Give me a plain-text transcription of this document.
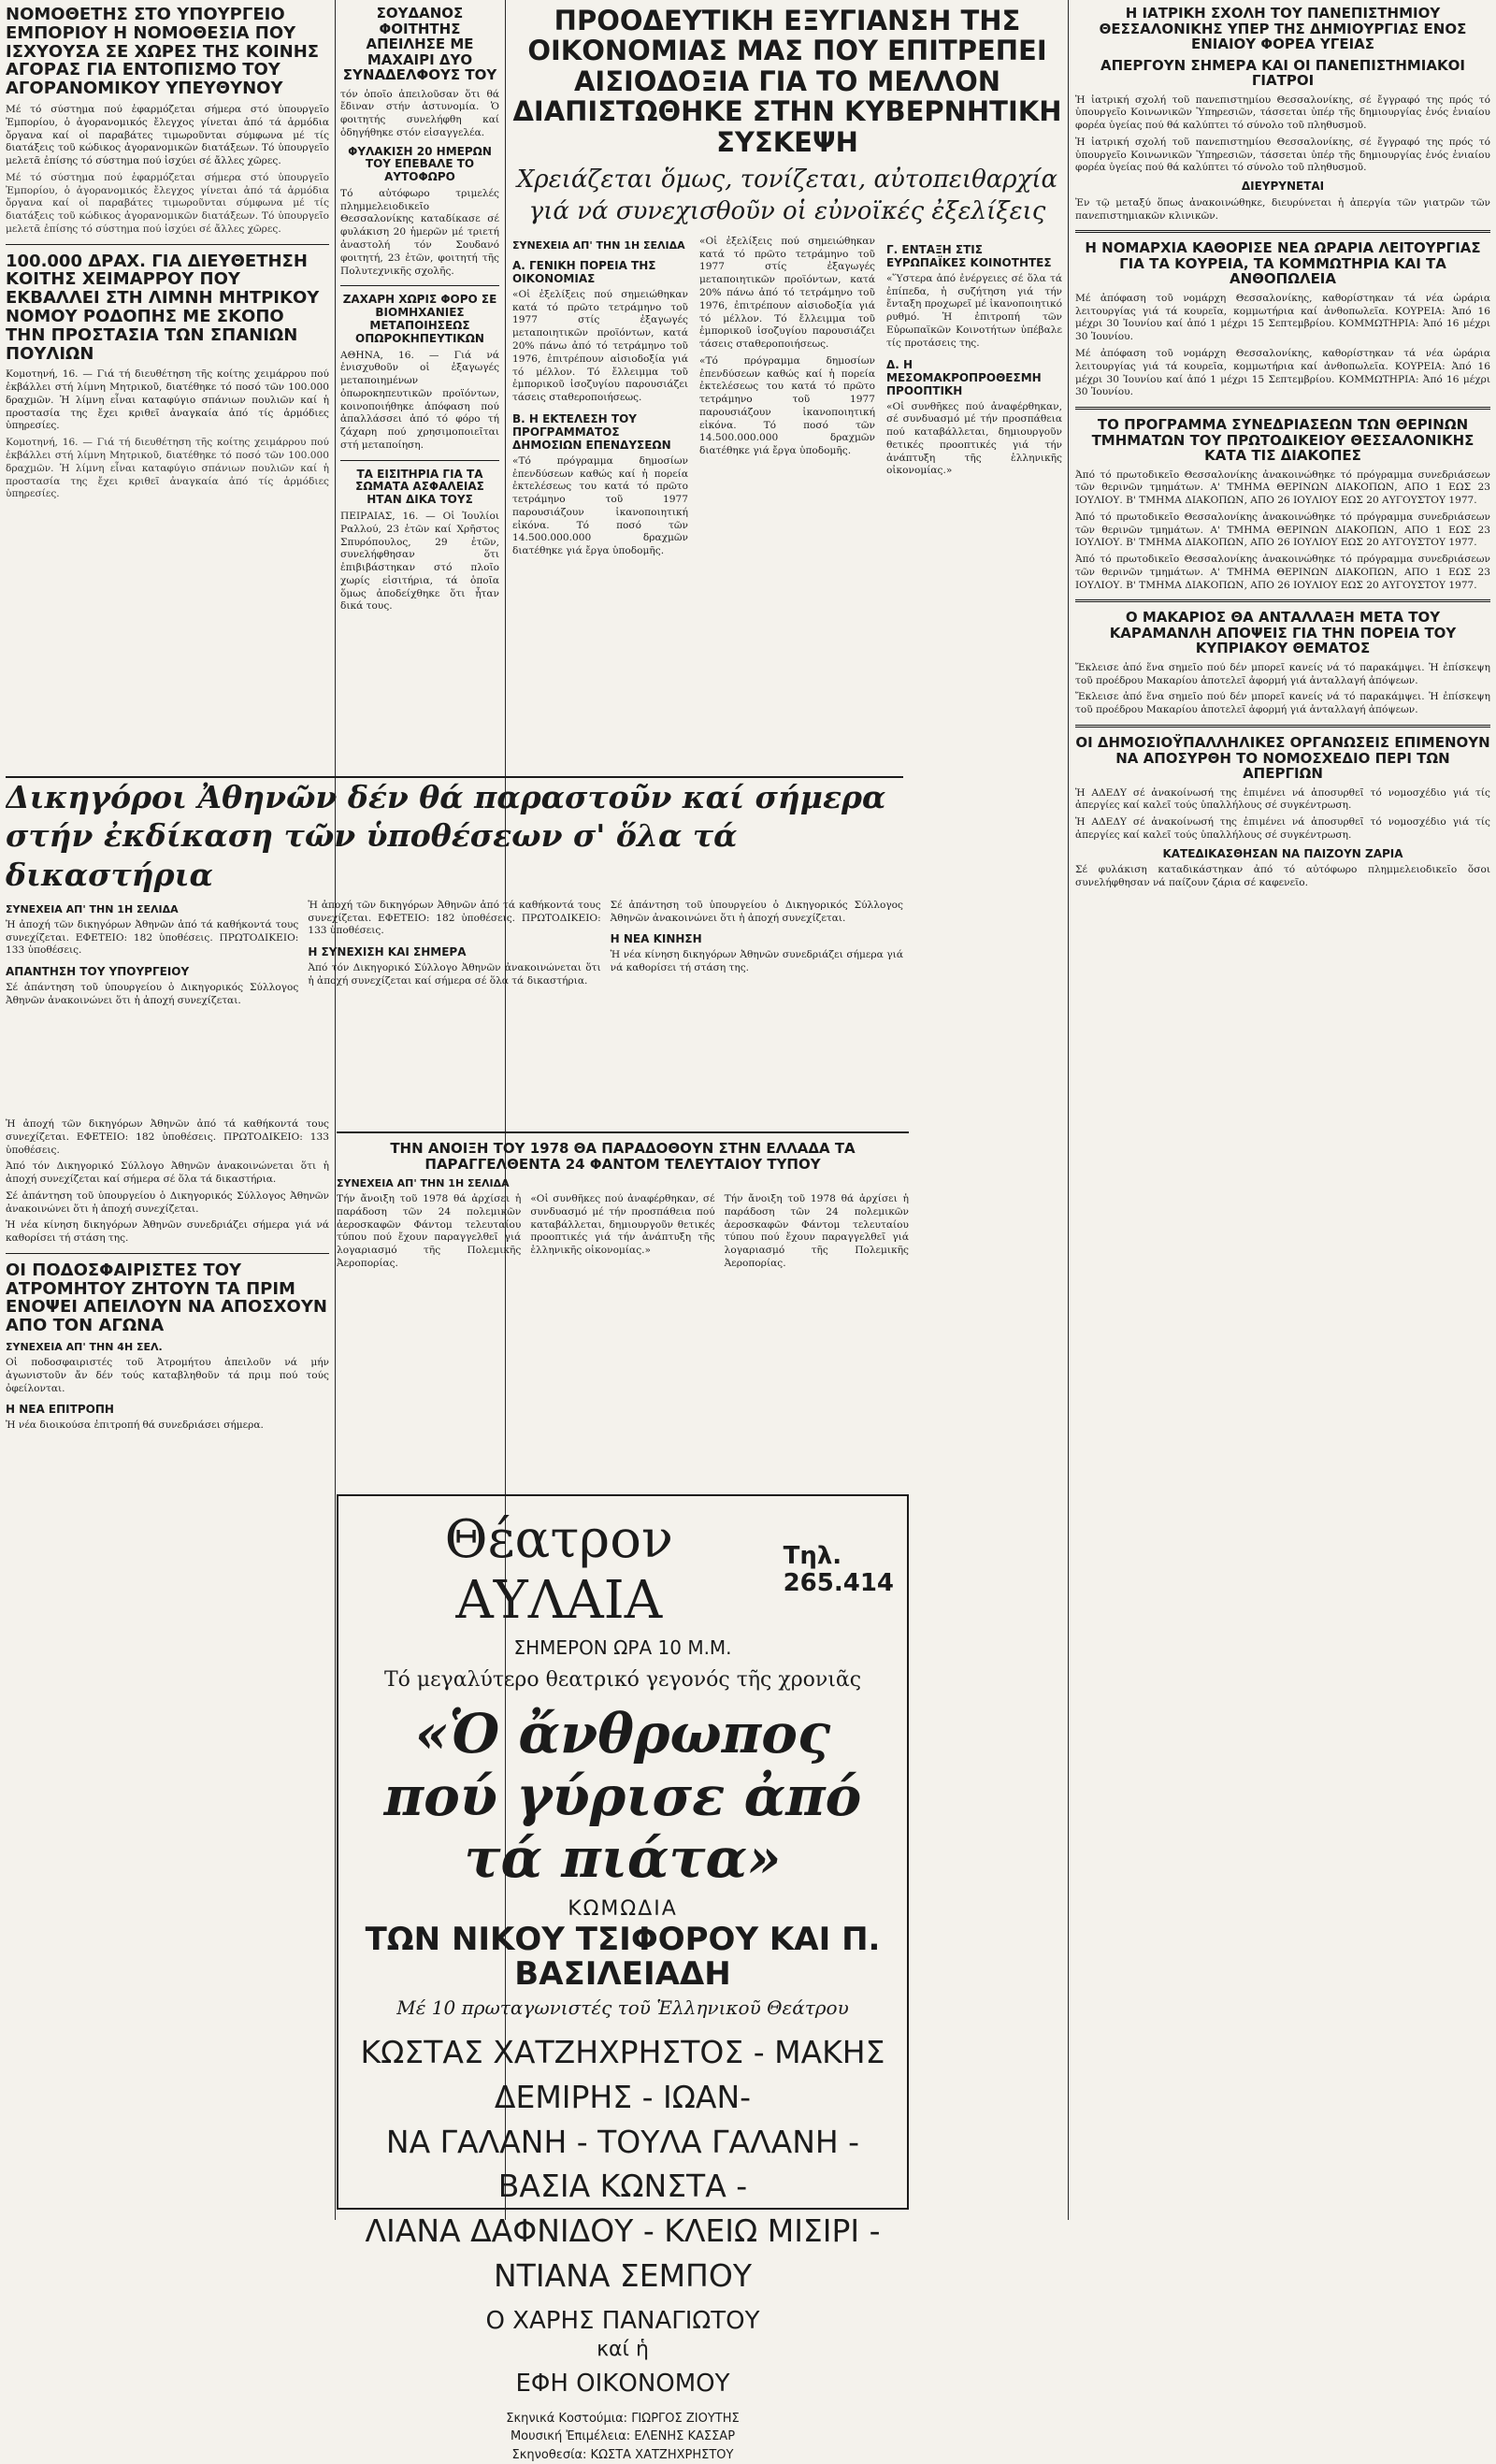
ΝΟΜΟΘΕΤΗΣ ΣΤΟ ΥΠΟΥΡΓΕΙΟ ΕΜΠΟΡΙΟΥ Η ΝΟΜΟΘΕΣΙΑ ΠΟΥ ΙΣΧΥΟΥΣΑ ΣΕ ΧΩΡΕΣ ΤΗΣ ΚΟΙΝΗΣ ΑΓΟΡΑΣ ΓΙΑ ΕΝΤΟΠΙΣΜΟ ΤΟΥ ΑΓΟΡΑΝΟΜΙΚΟΥ ΥΠΕΥΘΥΝΟΥ

Μέ τό σύστημα πού ἐφαρμόζεται σήμερα στό ὑπουργεῖο Ἐμπορίου, ὁ ἀγορανομικός ἔλεγχος γίνεται ἀπό τά ἁρμόδια ὄργανα καί οἱ παραβάτες τιμωροῦνται σύμφωνα μέ τίς διατάξεις τοῦ κώδικος ἀγορανομικῶν διατάξεων. Τό ὑπουργεῖο μελετᾶ ἐπίσης τό σύστημα πού ἰσχύει σέ ἄλλες χῶρες.

Μέ τό σύστημα πού ἐφαρμόζεται σήμερα στό ὑπουργεῖο Ἐμπορίου, ὁ ἀγορανομικός ἔλεγχος γίνεται ἀπό τά ἁρμόδια ὄργανα καί οἱ παραβάτες τιμωροῦνται σύμφωνα μέ τίς διατάξεις τοῦ κώδικος ἀγορανομικῶν διατάξεων. Τό ὑπουργεῖο μελετᾶ ἐπίσης τό σύστημα πού ἰσχύει σέ ἄλλες χῶρες.

100.000 ΔΡΑΧ. ΓΙΑ ΔΙΕΥΘΕΤΗΣΗ ΚΟΙΤΗΣ ΧΕΙΜΑΡΡΟΥ ΠΟΥ ΕΚΒΑΛΛΕΙ ΣΤΗ ΛΙΜΝΗ ΜΗΤΡΙΚΟΥ ΝΟΜΟΥ ΡΟΔΟΠΗΣ ΜΕ ΣΚΟΠΟ ΤΗΝ ΠΡΟΣΤΑΣΙΑ ΤΩΝ ΣΠΑΝΙΩΝ ΠΟΥΛΙΩΝ

Κομοτηνή, 16. — Γιά τή διευθέτηση τῆς κοίτης χειμάρρου πού ἐκβάλλει στή λίμνη Μητρικοῦ, διατέθηκε τό ποσό τῶν 100.000 δραχμῶν. Ἡ λίμνη εἶναι καταφύγιο σπάνιων πουλιῶν καί ἡ προστασία της ἔχει κριθεῖ ἀναγκαία ἀπό τίς ἁρμόδιες ὑπηρεσίες.

Κομοτηνή, 16. — Γιά τή διευθέτηση τῆς κοίτης χειμάρρου πού ἐκβάλλει στή λίμνη Μητρικοῦ, διατέθηκε τό ποσό τῶν 100.000 δραχμῶν. Ἡ λίμνη εἶναι καταφύγιο σπάνιων πουλιῶν καί ἡ προστασία της ἔχει κριθεῖ ἀναγκαία ἀπό τίς ἁρμόδιες ὑπηρεσίες.

ΣΟΥΔΑΝΟΣ ΦΟΙΤΗΤΗΣ ΑΠΕΙΛΗΣΕ ΜΕ ΜΑΧΑΙΡΙ ΔΥΟ ΣΥΝΑΔΕΛΦΟΥΣ ΤΟΥ

τόν ὁποῖο ἀπειλοῦσαν ὅτι θά ἔδιναν στήν ἀστυνομία. Ὁ φοιτητής συνελήφθη καί ὁδηγήθηκε στόν εἰσαγγελέα.

ΦΥΛΑΚΙΣΗ 20 ΗΜΕΡΩΝ ΤΟΥ ΕΠΕΒΑΛΕ ΤΟ ΑΥΤΟΦΩΡΟ

Τό αὐτόφωρο τριμελές πλημμελειοδικεῖο Θεσσαλονίκης καταδίκασε σέ φυλάκιση 20 ἡμερῶν μέ τριετή ἀναστολή τόν Σουδανό φοιτητή, 23 ἐτῶν, φοιτητή τῆς Πολυτεχνικῆς σχολῆς.

ΖΑΧΑΡΗ ΧΩΡΙΣ ΦΟΡΟ ΣΕ ΒΙΟΜΗΧΑΝΙΕΣ ΜΕΤΑΠΟΙΗΣΕΩΣ ΟΠΩΡΟΚΗΠΕΥΤΙΚΩΝ

ΑΘΗΝΑ, 16. — Γιά νά ἐνισχυθοῦν οἱ ἐξαγωγές μεταποιημένων ὀπωροκηπευτικῶν προϊόντων, κοινοποιήθηκε ἀπόφαση πού ἀπαλλάσσει ἀπό τό φόρο τή ζάχαρη πού χρησιμοποιεῖται στή μεταποίηση.

ΤΑ ΕΙΣΙΤΗΡΙΑ ΓΙΑ ΤΑ ΣΩΜΑΤΑ ΑΣΦΑΛΕΙΑΣ ΗΤΑΝ ΔΙΚΑ ΤΟΥΣ

ΠΕΙΡΑΙΑΣ, 16. — Οἱ Ἰουλίοι Ραλλού, 23 ἐτῶν καί Χρῆστος Σπυρόπουλος, 29 ἐτῶν, συνελήφθησαν ὅτι ἐπιβιβάστηκαν στό πλοῖο χωρίς εἰσιτήρια, τά ὁποῖα ὅμως ἀποδείχθηκε ὅτι ἦταν δικά τους.

ΠΡΟΟΔΕΥΤΙΚΗ ΕΞΥΓΙΑΝΣΗ ΤΗΣ ΟΙΚΟΝΟΜΙΑΣ ΜΑΣ ΠΟΥ ΕΠΙΤΡΕΠΕΙ ΑΙΣΙΟΔΟΞΙΑ ΓΙΑ ΤΟ ΜΕΛΛΟΝ ΔΙΑΠΙΣΤΩΘΗΚΕ ΣΤΗΝ ΚΥΒΕΡΝΗΤΙΚΗ ΣΥΣΚΕΨΗ

Χρειάζεται ὅμως, τονίζεται, αὐτοπειθαρχία γιά νά συνεχισθοῦν οἱ εὐνοϊκές ἐξελίξεις

ΣΥΝΕΧΕΙΑ ΑΠ' ΤΗΝ 1Η ΣΕΛΙΔΑ

Α. ΓΕΝΙΚΗ ΠΟΡΕΙΑ ΤΗΣ ΟΙΚΟΝΟΜΙΑΣ

«Οἱ ἐξελίξεις πού σημειώθηκαν κατά τό πρῶτο τετράμηνο τοῦ 1977 στίς ἐξαγωγές μεταποιητικῶν προϊόντων, κατά 20% πάνω ἀπό τό τετράμηνο τοῦ 1976, ἐπιτρέπουν αἰσιοδοξία γιά τό μέλλον. Τό ἔλλειμμα τοῦ ἐμπορικοῦ ἰσοζυγίου παρουσιάζει τάσεις σταθεροποιήσεως.

Β. Η ΕΚΤΕΛΕΣΗ ΤΟΥ ΠΡΟΓΡΑΜΜΑΤΟΣ ΔΗΜΟΣΙΩΝ ΕΠΕΝΔΥΣΕΩΝ

«Τό πρόγραμμα δημοσίων ἐπενδύσεων καθώς καί ἡ πορεία ἐκτελέσεως του κατά τό πρῶτο τετράμηνο τοῦ 1977 παρουσιάζουν ἱκανοποιητική εἰκόνα. Τό ποσό τῶν 14.500.000.000 δραχμῶν διατέθηκε γιά ἔργα ὑποδομῆς.

«Οἱ ἐξελίξεις πού σημειώθηκαν κατά τό πρῶτο τετράμηνο τοῦ 1977 στίς ἐξαγωγές μεταποιητικῶν προϊόντων, κατά 20% πάνω ἀπό τό τετράμηνο τοῦ 1976, ἐπιτρέπουν αἰσιοδοξία γιά τό μέλλον. Τό ἔλλειμμα τοῦ ἐμπορικοῦ ἰσοζυγίου παρουσιάζει τάσεις σταθεροποιήσεως.

«Τό πρόγραμμα δημοσίων ἐπενδύσεων καθώς καί ἡ πορεία ἐκτελέσεως του κατά τό πρῶτο τετράμηνο τοῦ 1977 παρουσιάζουν ἱκανοποιητική εἰκόνα. Τό ποσό τῶν 14.500.000.000 δραχμῶν διατέθηκε γιά ἔργα ὑποδομῆς.

Γ. ΕΝΤΑΞΗ ΣΤΙΣ ΕΥΡΩΠΑΪΚΕΣ ΚΟΙΝΟΤΗΤΕΣ

«Ὕστερα ἀπό ἐνέργειες σέ ὅλα τά ἐπίπεδα, ἡ συζήτηση γιά τήν ἔνταξη προχωρεῖ μέ ἱκανοποιητικό ρυθμό. Ἡ ἐπιτροπή τῶν Εὐρωπαϊκῶν Κοινοτήτων ὑπέβαλε τίς προτάσεις της.

Δ. Η ΜΕΣΟΜΑΚΡΟΠΡΟΘΕΣΜΗ ΠΡΟΟΠΤΙΚΗ

«Οἱ συνθῆκες πού ἀναφέρθηκαν, σέ συνδυασμό μέ τήν προσπάθεια πού καταβάλλεται, δημιουργοῦν θετικές προοπτικές γιά τήν ἀνάπτυξη τῆς ἑλληνικῆς οἰκονομίας.»

ΤΗΝ ΑΝΟΙΞΗ ΤΟΥ 1978 ΘΑ ΠΑΡΑΔΟΘΟΥΝ ΣΤΗΝ ΕΛΛΑΔΑ ΤΑ ΠΑΡΑΓΓΕΛΘΕΝΤΑ 24 ΦΑΝΤΟΜ ΤΕΛΕΥΤΑΙΟΥ ΤΥΠΟΥ

ΣΥΝΕΧΕΙΑ ΑΠ' ΤΗΝ 1Η ΣΕΛΙΔΑ

Τήν ἄνοιξη τοῦ 1978 θά ἀρχίσει ἡ παράδοση τῶν 24 πολεμικῶν ἀεροσκαφῶν Φάντομ τελευταίου τύπου πού ἔχουν παραγγελθεῖ γιά λογαριασμό τῆς Πολεμικῆς Ἀεροπορίας.

«Οἱ συνθῆκες πού ἀναφέρθηκαν, σέ συνδυασμό μέ τήν προσπάθεια πού καταβάλλεται, δημιουργοῦν θετικές προοπτικές γιά τήν ἀνάπτυξη τῆς ἑλληνικῆς οἰκονομίας.»

Τήν ἄνοιξη τοῦ 1978 θά ἀρχίσει ἡ παράδοση τῶν 24 πολεμικῶν ἀεροσκαφῶν Φάντομ τελευταίου τύπου πού ἔχουν παραγγελθεῖ γιά λογαριασμό τῆς Πολεμικῆς Ἀεροπορίας.

Δικηγόροι Ἀθηνῶν δέν θά παραστοῦν καί σήμερα στήν ἐκδίκαση τῶν ὑποθέσεων σ' ὅλα τά δικαστήρια

ΣΥΝΕΧΕΙΑ ΑΠ' ΤΗΝ 1Η ΣΕΛΙΔΑ

Ἡ ἀποχή τῶν δικηγόρων Ἀθηνῶν ἀπό τά καθήκοντά τους συνεχίζεται. ΕΦΕΤΕΙΟ: 182 ὑποθέσεις. ΠΡΩΤΟΔΙΚΕΙΟ: 133 ὑποθέσεις.

ΑΠΑΝΤΗΣΗ ΤΟΥ ΥΠΟΥΡΓΕΙΟΥ

Σέ ἀπάντηση τοῦ ὑπουργείου ὁ Δικηγορικός Σύλλογος Ἀθηνῶν ἀνακοινώνει ὅτι ἡ ἀποχή συνεχίζεται.

Ἡ ἀποχή τῶν δικηγόρων Ἀθηνῶν ἀπό τά καθήκοντά τους συνεχίζεται. ΕΦΕΤΕΙΟ: 182 ὑποθέσεις. ΠΡΩΤΟΔΙΚΕΙΟ: 133 ὑποθέσεις.

Η ΣΥΝΕΧΙΣΗ ΚΑΙ ΣΗΜΕΡΑ

Ἀπό τόν Δικηγορικό Σύλλογο Ἀθηνῶν ἀνακοινώνεται ὅτι ἡ ἀποχή συνεχίζεται καί σήμερα σέ ὅλα τά δικαστήρια.

Σέ ἀπάντηση τοῦ ὑπουργείου ὁ Δικηγορικός Σύλλογος Ἀθηνῶν ἀνακοινώνει ὅτι ἡ ἀποχή συνεχίζεται.

Η ΝΕΑ ΚΙΝΗΣΗ

Ἡ νέα κίνηση δικηγόρων Ἀθηνῶν συνεδριάζει σήμερα γιά νά καθορίσει τή στάση της.

Ἡ ἀποχή τῶν δικηγόρων Ἀθηνῶν ἀπό τά καθήκοντά τους συνεχίζεται. ΕΦΕΤΕΙΟ: 182 ὑποθέσεις. ΠΡΩΤΟΔΙΚΕΙΟ: 133 ὑποθέσεις.

Ἀπό τόν Δικηγορικό Σύλλογο Ἀθηνῶν ἀνακοινώνεται ὅτι ἡ ἀποχή συνεχίζεται καί σήμερα σέ ὅλα τά δικαστήρια.

Σέ ἀπάντηση τοῦ ὑπουργείου ὁ Δικηγορικός Σύλλογος Ἀθηνῶν ἀνακοινώνει ὅτι ἡ ἀποχή συνεχίζεται.

Ἡ νέα κίνηση δικηγόρων Ἀθηνῶν συνεδριάζει σήμερα γιά νά καθορίσει τή στάση της.

ΟΙ ΠΟΔΟΣΦΑΙΡΙΣΤΕΣ ΤΟΥ ΑΤΡΟΜΗΤΟΥ ΖΗΤΟΥΝ ΤΑ ΠΡΙΜ ΕΝΟΨΕΙ ΑΠΕΙΛΟΥΝ ΝΑ ΑΠΟΣΧΟΥΝ ΑΠΟ ΤΟΝ ΑΓΩΝΑ

ΣΥΝΕΧΕΙΑ ΑΠ' ΤΗΝ 4Η ΣΕΛ.

Οἱ ποδοσφαιριστές τοῦ Ἀτρομήτου ἀπειλοῦν νά μήν ἀγωνιστοῦν ἄν δέν τούς καταβληθοῦν τά πριμ πού τούς ὀφείλονται.

Η ΝΕΑ ΕΠΙΤΡΟΠΗ

Ἡ νέα διοικούσα ἐπιτροπή θά συνεδριάσει σήμερα.

Η ΙΑΤΡΙΚΗ ΣΧΟΛΗ ΤΟΥ ΠΑΝΕΠΙΣΤΗΜΙΟΥ ΘΕΣΣΑΛΟΝΙΚΗΣ ΥΠΕΡ ΤΗΣ ΔΗΜΙΟΥΡΓΙΑΣ ΕΝΟΣ ΕΝΙΑΙΟΥ ΦΟΡΕΑ ΥΓΕΙΑΣ

ΑΠΕΡΓΟΥΝ ΣΗΜΕΡΑ ΚΑΙ ΟΙ ΠΑΝΕΠΙΣΤΗΜΙΑΚΟΙ ΓΙΑΤΡΟΙ

Ἡ ἰατρική σχολή τοῦ πανεπιστημίου Θεσσαλονίκης, σέ ἔγγραφό της πρός τό ὑπουργεῖο Κοινωνικῶν Ὑπηρεσιῶν, τάσσεται ὑπέρ τῆς δημιουργίας ἑνός ἑνιαίου φορέα ὑγείας πού θά καλύπτει τό σύνολο τοῦ πληθυσμοῦ.

Ἡ ἰατρική σχολή τοῦ πανεπιστημίου Θεσσαλονίκης, σέ ἔγγραφό της πρός τό ὑπουργεῖο Κοινωνικῶν Ὑπηρεσιῶν, τάσσεται ὑπέρ τῆς δημιουργίας ἑνός ἑνιαίου φορέα ὑγείας πού θά καλύπτει τό σύνολο τοῦ πληθυσμοῦ.

ΔΙΕΥΡΥΝΕΤΑΙ

Ἐν τῷ μεταξύ ὅπως ἀνακοινώθηκε, διευρύνεται ἡ ἀπεργία τῶν γιατρῶν τῶν πανεπιστημιακῶν κλινικῶν.

Η ΝΟΜΑΡΧΙΑ ΚΑΘΟΡΙΣΕ ΝΕΑ ΩΡΑΡΙΑ ΛΕΙΤΟΥΡΓΙΑΣ ΓΙΑ ΤΑ ΚΟΥΡΕΙΑ, ΤΑ ΚΟΜΜΩΤΗΡΙΑ ΚΑΙ ΤΑ ΑΝΘΟΠΩΛΕΙΑ

Μέ ἀπόφαση τοῦ νομάρχη Θεσσαλονίκης, καθορίστηκαν τά νέα ὡράρια λειτουργίας γιά τά κουρεῖα, κομμωτήρια καί ἀνθοπωλεῖα. ΚΟΥΡΕΙΑ: Ἀπό 16 μέχρι 30 Ἰουνίου καί ἀπό 1 μέχρι 15 Σεπτεμβρίου. ΚΟΜΜΩΤΗΡΙΑ: Ἀπό 16 μέχρι 30 Ἰουνίου.

Μέ ἀπόφαση τοῦ νομάρχη Θεσσαλονίκης, καθορίστηκαν τά νέα ὡράρια λειτουργίας γιά τά κουρεῖα, κομμωτήρια καί ἀνθοπωλεῖα. ΚΟΥΡΕΙΑ: Ἀπό 16 μέχρι 30 Ἰουνίου καί ἀπό 1 μέχρι 15 Σεπτεμβρίου. ΚΟΜΜΩΤΗΡΙΑ: Ἀπό 16 μέχρι 30 Ἰουνίου.

ΤΟ ΠΡΟΓΡΑΜΜΑ ΣΥΝΕΔΡΙΑΣΕΩΝ ΤΩΝ ΘΕΡΙΝΩΝ ΤΜΗΜΑΤΩΝ ΤΟΥ ΠΡΩΤΟΔΙΚΕΙΟΥ ΘΕΣΣΑΛΟΝΙΚΗΣ ΚΑΤΑ ΤΙΣ ΔΙΑΚΟΠΕΣ

Ἀπό τό πρωτοδικεῖο Θεσσαλονίκης ἀνακοινώθηκε τό πρόγραμμα συνεδριάσεων τῶν θερινῶν τμημάτων. Α' ΤΜΗΜΑ ΘΕΡΙΝΩΝ ΔΙΑΚΟΠΩΝ, ΑΠΟ 1 ΕΩΣ 23 ΙΟΥΛΙΟΥ. Β' ΤΜΗΜΑ ΔΙΑΚΟΠΩΝ, ΑΠΟ 26 ΙΟΥΛΙΟΥ ΕΩΣ 20 ΑΥΓΟΥΣΤΟΥ 1977.

Ἀπό τό πρωτοδικεῖο Θεσσαλονίκης ἀνακοινώθηκε τό πρόγραμμα συνεδριάσεων τῶν θερινῶν τμημάτων. Α' ΤΜΗΜΑ ΘΕΡΙΝΩΝ ΔΙΑΚΟΠΩΝ, ΑΠΟ 1 ΕΩΣ 23 ΙΟΥΛΙΟΥ. Β' ΤΜΗΜΑ ΔΙΑΚΟΠΩΝ, ΑΠΟ 26 ΙΟΥΛΙΟΥ ΕΩΣ 20 ΑΥΓΟΥΣΤΟΥ 1977.

Ἀπό τό πρωτοδικεῖο Θεσσαλονίκης ἀνακοινώθηκε τό πρόγραμμα συνεδριάσεων τῶν θερινῶν τμημάτων. Α' ΤΜΗΜΑ ΘΕΡΙΝΩΝ ΔΙΑΚΟΠΩΝ, ΑΠΟ 1 ΕΩΣ 23 ΙΟΥΛΙΟΥ. Β' ΤΜΗΜΑ ΔΙΑΚΟΠΩΝ, ΑΠΟ 26 ΙΟΥΛΙΟΥ ΕΩΣ 20 ΑΥΓΟΥΣΤΟΥ 1977.

Ο ΜΑΚΑΡΙΟΣ ΘΑ ΑΝΤΑΛΛΑΞΗ ΜΕΤΑ ΤΟΥ ΚΑΡΑΜΑΝΛΗ ΑΠΟΨΕΙΣ ΓΙΑ ΤΗΝ ΠΟΡΕΙΑ ΤΟΥ ΚΥΠΡΙΑΚΟΥ ΘΕΜΑΤΟΣ

Ἔκλεισε ἀπό ἕνα σημεῖο πού δέν μπορεῖ κανείς νά τό παρακάμψει. Ἡ ἐπίσκεψη τοῦ προέδρου Μακαρίου ἀποτελεῖ ἀφορμή γιά ἀνταλλαγή ἀπόψεων.

Ἔκλεισε ἀπό ἕνα σημεῖο πού δέν μπορεῖ κανείς νά τό παρακάμψει. Ἡ ἐπίσκεψη τοῦ προέδρου Μακαρίου ἀποτελεῖ ἀφορμή γιά ἀνταλλαγή ἀπόψεων.

ΟΙ ΔΗΜΟΣΙΟΫΠΑΛΛΗΛΙΚΕΣ ΟΡΓΑΝΩΣΕΙΣ ΕΠΙΜΕΝΟΥΝ ΝΑ ΑΠΟΣΥΡΘΗ ΤΟ ΝΟΜΟΣΧΕΔΙΟ ΠΕΡΙ ΤΩΝ ΑΠΕΡΓΙΩΝ

Ἡ ΑΔΕΔΥ σέ ἀνακοίνωσή της ἐπιμένει νά ἀποσυρθεῖ τό νομοσχέδιο γιά τίς ἀπεργίες καί καλεῖ τούς ὑπαλλήλους σέ συγκέντρωση.

Ἡ ΑΔΕΔΥ σέ ἀνακοίνωσή της ἐπιμένει νά ἀποσυρθεῖ τό νομοσχέδιο γιά τίς ἀπεργίες καί καλεῖ τούς ὑπαλλήλους σέ συγκέντρωση.

ΚΑΤΕΔΙΚΑΣΘΗΣΑΝ ΝΑ ΠΑΙΖΟΥΝ ΖΑΡΙΑ

Σέ φυλάκιση καταδικάστηκαν ἀπό τό αὐτόφωρο πλημμελειοδικεῖο ὅσοι συνελήφθησαν νά παίζουν ζάρια σέ καφενεῖο.

Θέατρον ΑΥΛΑΙΑ
Τηλ.
265.414
ΣΗΜΕΡΟΝ ΩΡΑ 10 Μ.Μ.
Τό μεγαλύτερο θεατρικό γεγονός τῆς χρονιᾶς
«Ὁ ἄνθρωπος πού γύρισε ἀπό τά πιάτα»
ΚΩΜΩΔΙΑ
ΤΩΝ ΝΙΚΟΥ ΤΣΙΦΟΡΟΥ ΚΑΙ Π. ΒΑΣΙΛΕΙΑΔΗ
Μέ 10 πρωταγωνιστές τοῦ Ἑλληνικοῦ Θεάτρου
ΚΩΣΤΑΣ ΧΑΤΖΗΧΡΗΣΤΟΣ - ΜΑΚΗΣ ΔΕΜΙΡΗΣ - ΙΩΑΝ-
ΝΑ ΓΑΛΑΝΗ - ΤΟΥΛΑ ΓΑΛΑΝΗ - ΒΑΣΙΑ ΚΩΝΣΤΑ -
ΛΙΑΝΑ ΔΑΦΝΙΔΟΥ - ΚΛΕΙΩ ΜΙΣΙΡΙ - ΝΤΙΑΝΑ ΣΕΜΠΟΥ
Ο ΧΑΡΗΣ ΠΑΝΑΓΙΩΤΟΥ
καί ἡ
ΕΦΗ ΟΙΚΟΝΟΜΟΥ
Σκηνικά Κοστούμια: ΓΙΩΡΓΟΣ ΖΙΟΥΤΗΣ
Μουσική Ἐπιμέλεια: ΕΛΕΝΗΣ ΚΑΣΣΑΡ
Σκηνοθεσία: ΚΩΣΤΑ ΧΑΤΖΗΧΡΗΣΤΟΥ
